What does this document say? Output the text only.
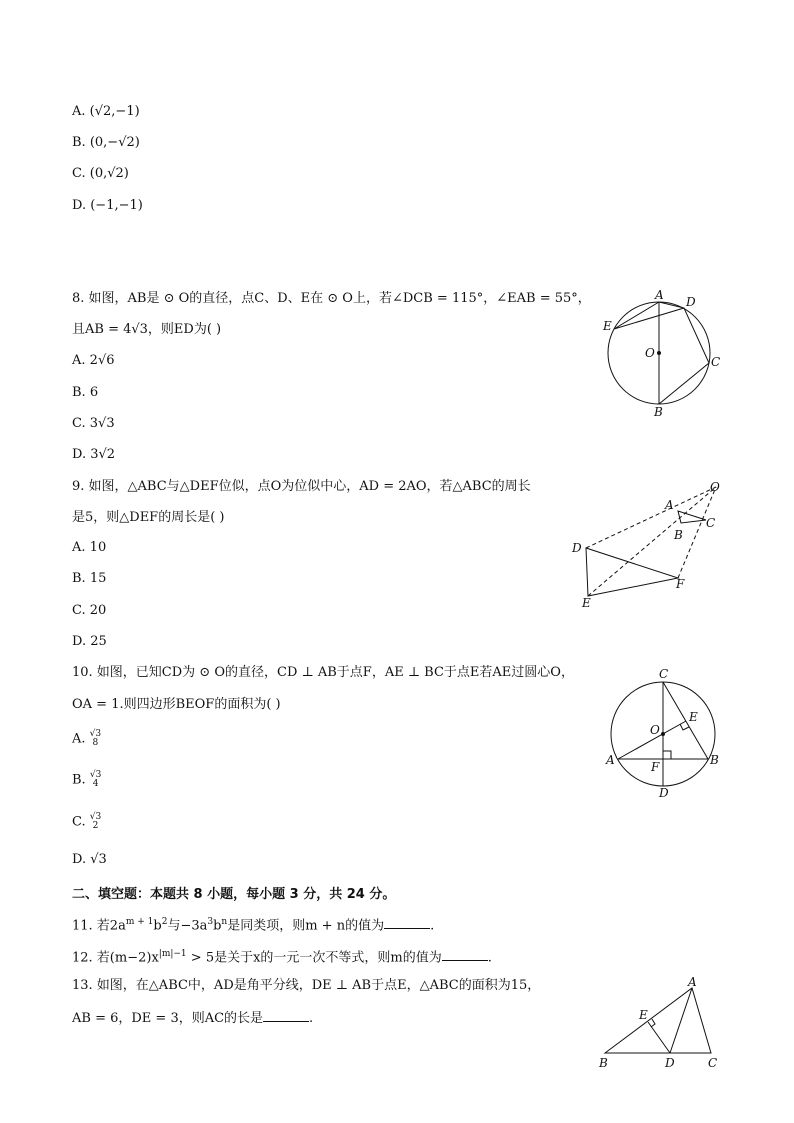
A. (√2,−1)
B. (0,−√2)
C. (0,√2)
D. (−1,−1)
8. 如图，AB是 ⊙ O的直径，点C、D、E在 ⊙ O上，若∠DCB = 115°，∠EAB = 55°，
且AB = 4√3，则ED为( )
A. 2√6
B. 6
C. 3√3
D. 3√2
A D
E
O
C
B
9. 如图，△ABC与△DEF位似，点O为位似中心，AD = 2AO，若△ABC的周长
是5，则△DEF的周长是( )
A. 10
B. 15
C. 20
D. 25
O
A
C
B
D
F
E
10. 如图，已知CD为 ⊙ O的直径，CD ⊥ AB于点F，AE ⊥ BC于点E若AE过圆心O，
OA = 1.则四边形BEOF的面积为( )
A. √3
8
B. √3
4
C. √3
2
D. √3
C
E
O
A	B
F
D
二、填空题：本题共 8 小题，每小题 3 分，共 24 分。
11. 若$2a^{m + 1}b^2$与$-3a^3b^n$是同类项，则m + n的值为	.
12. 若$(m-2)x^{|m|-1} > 5$是关于x的一元一次不等式，则m的值为	.
13. 如图，在△ABC中，AD是角平分线，DE ⊥ AB于点E，△ABC的面积为15，
AB = 6，DE = 3，则AC的长是	.
A
E
B	D	C
